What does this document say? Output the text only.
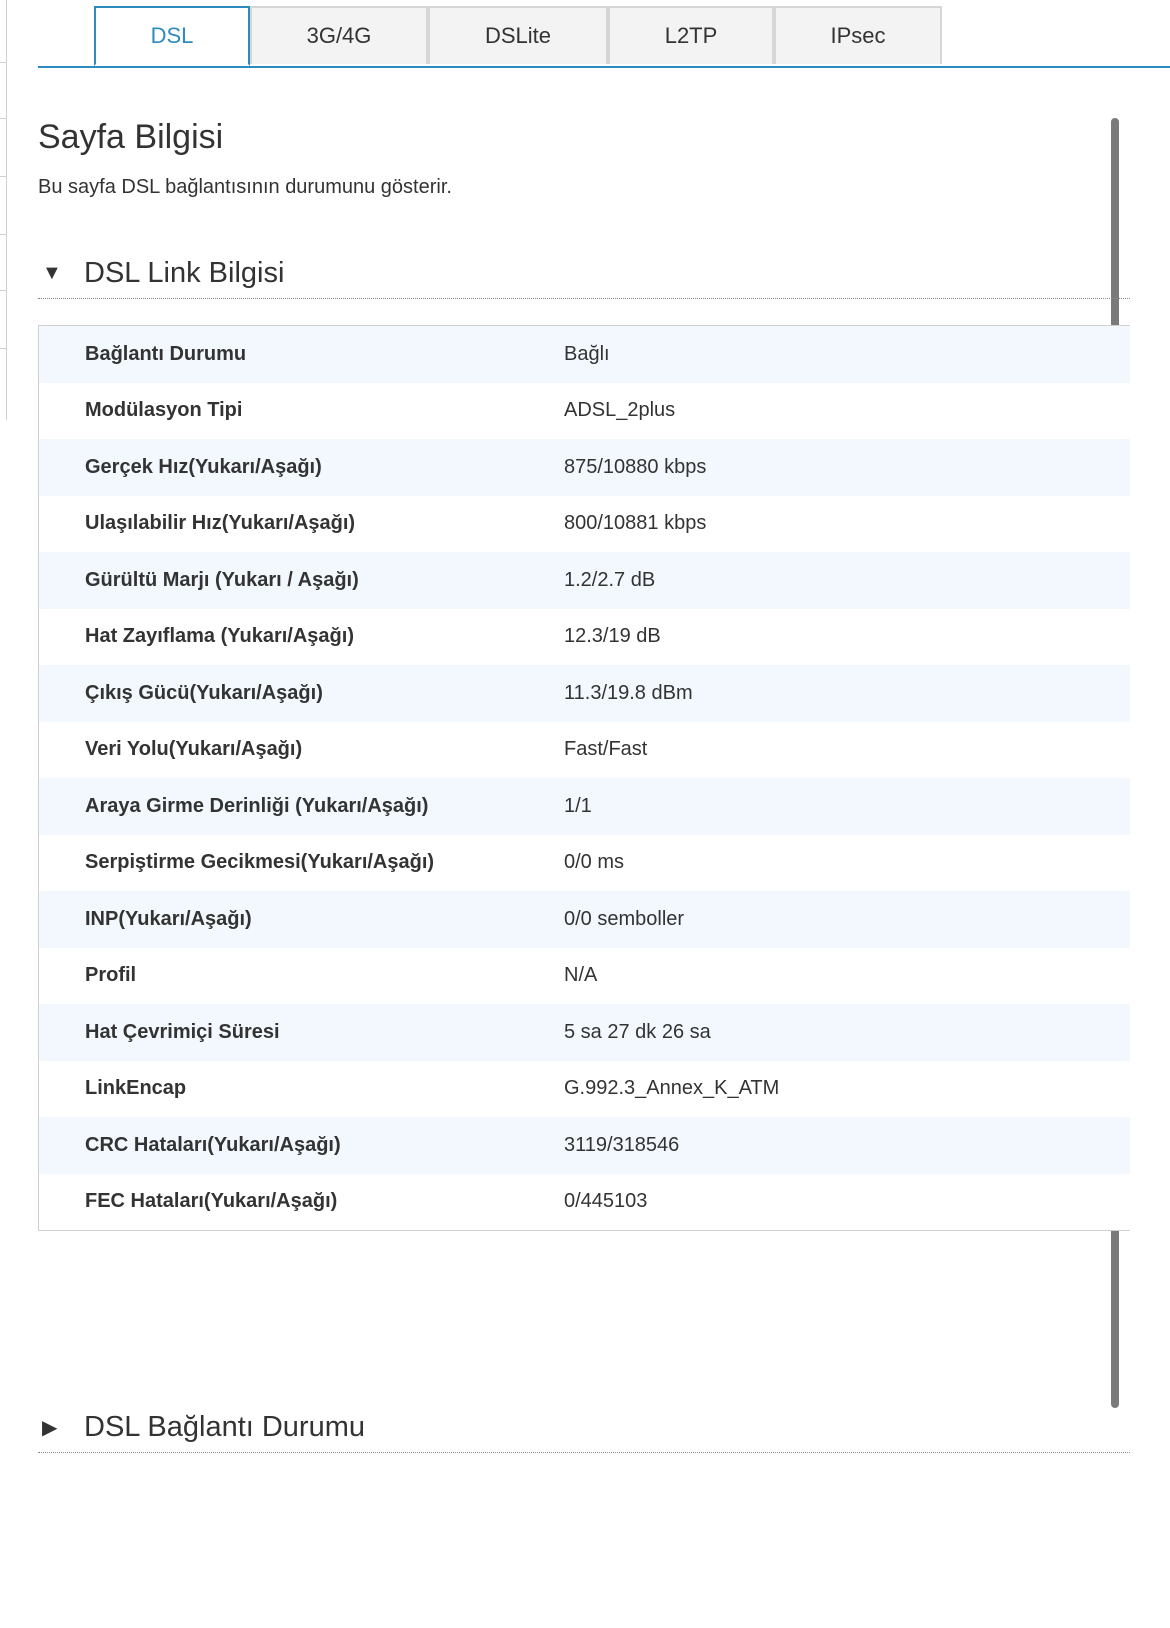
DSL	3G/4G	DSLite	L2TP	IPsec
Sayfa Bilgisi
Bu sayfa DSL bağlantısının durumunu gösterir.
▼ DSL Link Bilgisi
Bağlantı Durumu	Bağlı
Modülasyon Tipi	ADSL_2plus
Gerçek Hız(Yukarı/Aşağı)	875/10880 kbps
Ulaşılabilir Hız(Yukarı/Aşağı)	800/10881 kbps
Gürültü Marjı (Yukarı / Aşağı)	1.2/2.7 dB
Hat Zayıflama (Yukarı/Aşağı)	12.3/19 dB
Çıkış Gücü(Yukarı/Aşağı)	11.3/19.8 dBm
Veri Yolu(Yukarı/Aşağı)	Fast/Fast
Araya Girme Derinliği (Yukarı/Aşağı)	1/1
Serpiştirme Gecikmesi(Yukarı/Aşağı)	0/0 ms
INP(Yukarı/Aşağı)	0/0 semboller
Profil	N/A
Hat Çevrimiçi Süresi	5 sa 27 dk 26 sa
LinkEncap	G.992.3_Annex_K_ATM
CRC Hataları(Yukarı/Aşağı)	3119/318546
FEC Hataları(Yukarı/Aşağı)	0/445103
▶ DSL Bağlantı Durumu
